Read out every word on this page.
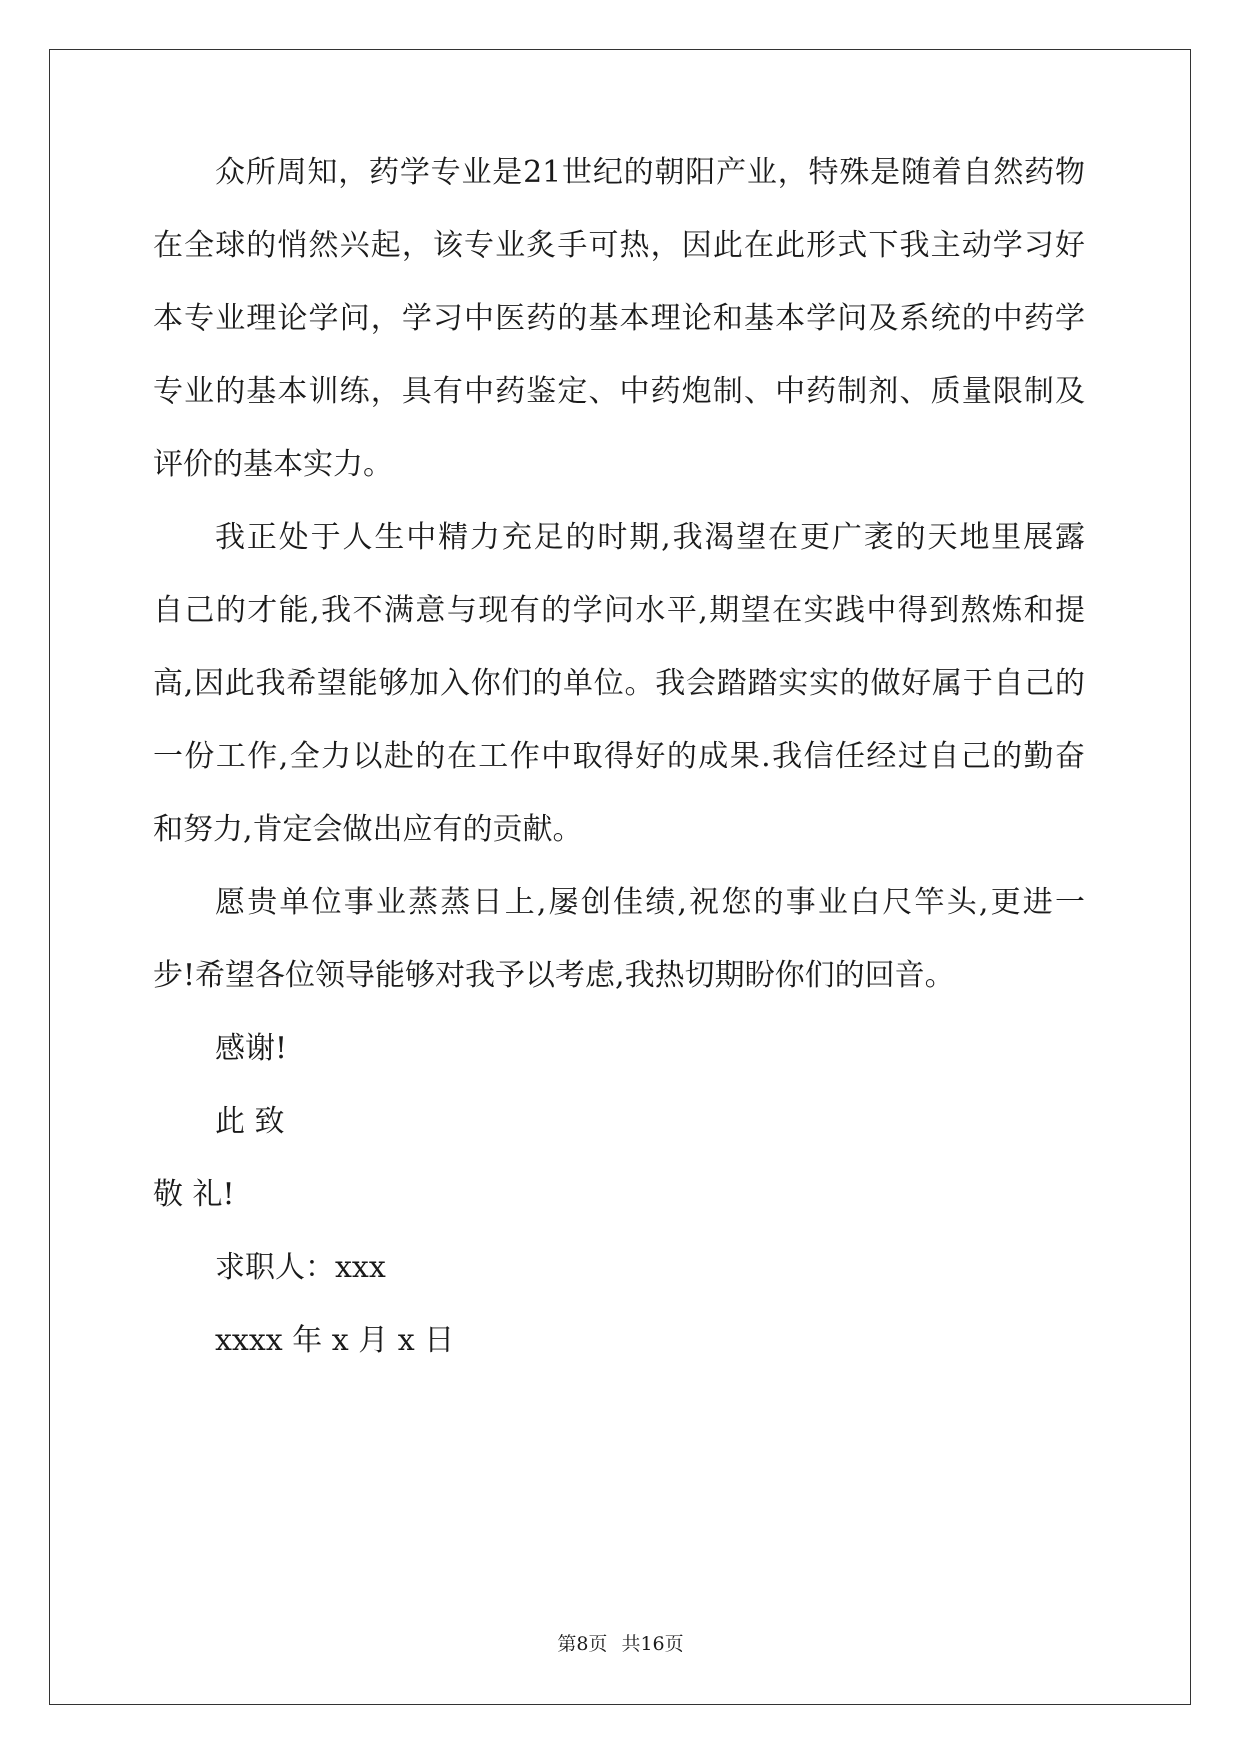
众所周知，药学专业是21世纪的朝阳产业，特殊是随着自然药物
在全球的悄然兴起，该专业炙手可热，因此在此形式下我主动学习好
本专业理论学问，学习中医药的基本理论和基本学问及系统的中药学
专业的基本训练，具有中药鉴定、中药炮制、中药制剂、质量限制及
评价的基本实力。
我正处于人生中精力充足的时期,我渴望在更广袤的天地里展露
自己的才能,我不满意与现有的学问水平,期望在实践中得到熬炼和提
高,因此我希望能够加入你们的单位。我会踏踏实实的做好属于自己的
一份工作,全力以赴的在工作中取得好的成果.我信任经过自己的勤奋
和努力,肯定会做出应有的贡献。
愿贵单位事业蒸蒸日上,屡创佳绩,祝您的事业白尺竿头,更进一
步!希望各位领导能够对我予以考虑,我热切期盼你们的回音。
感谢!
此 致
敬 礼!
求职人：xxx
xxxx 年 x 月 x 日
第8页 共16页
